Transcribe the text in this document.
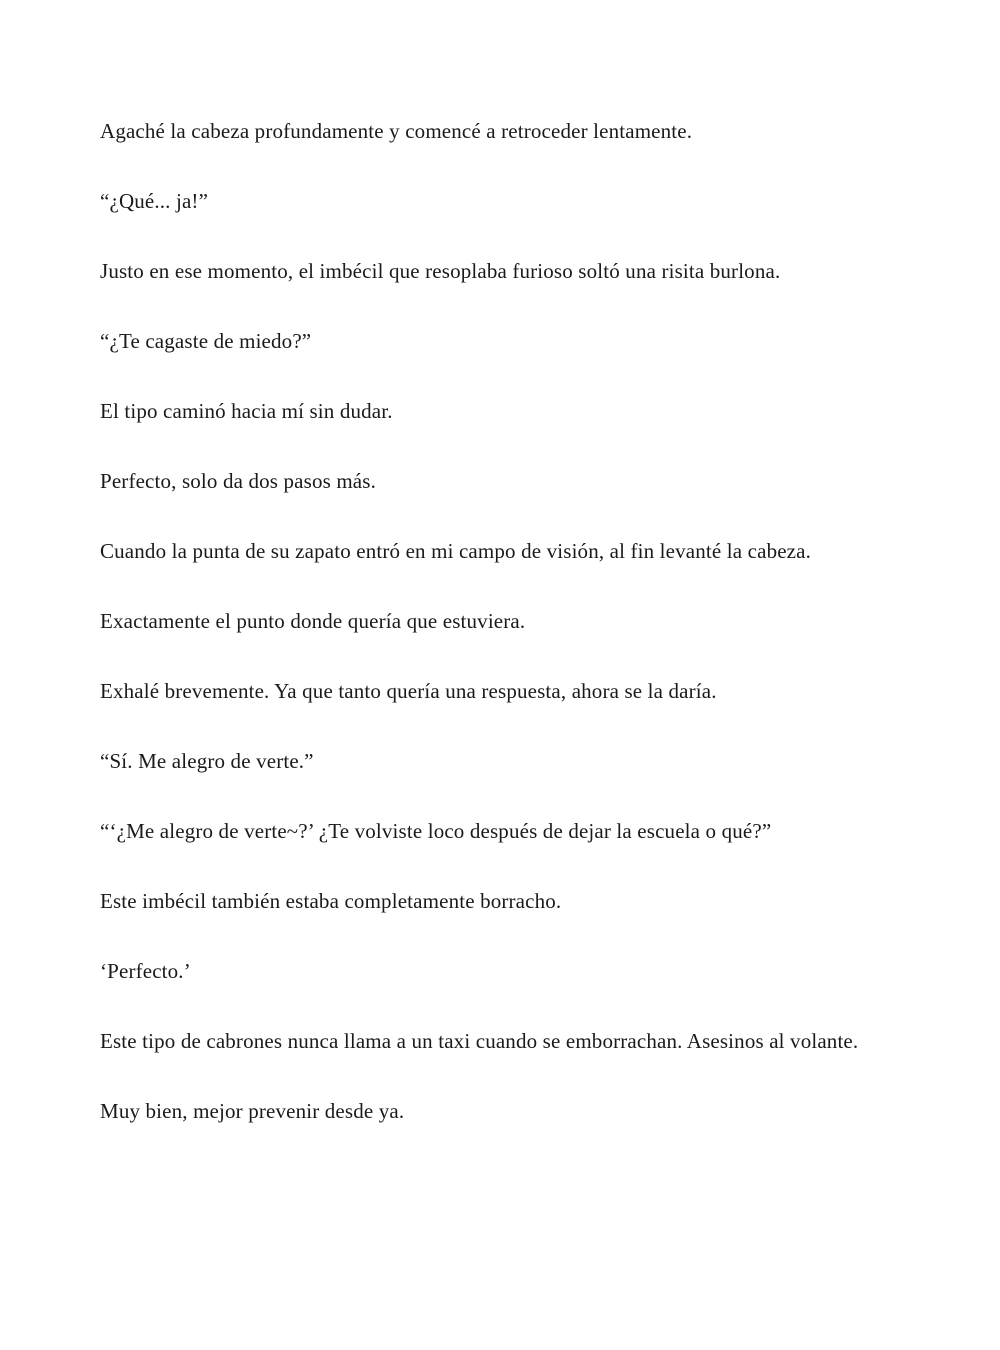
Agaché la cabeza profundamente y comencé a retroceder lentamente.

“¿Qué... ja!”

Justo en ese momento, el imbécil que resoplaba furioso soltó una risita burlona.

“¿Te cagaste de miedo?”

El tipo caminó hacia mí sin dudar.

Perfecto, solo da dos pasos más.

Cuando la punta de su zapato entró en mi campo de visión, al fin levanté la cabeza.

Exactamente el punto donde quería que estuviera.

Exhalé brevemente. Ya que tanto quería una respuesta, ahora se la daría.

“Sí. Me alegro de verte.”

“‘¿Me alegro de verte~?’ ¿Te volviste loco después de dejar la escuela o qué?”

Este imbécil también estaba completamente borracho.

‘Perfecto.’

Este tipo de cabrones nunca llama a un taxi cuando se emborrachan. Asesinos al volante.

Muy bien, mejor prevenir desde ya.
